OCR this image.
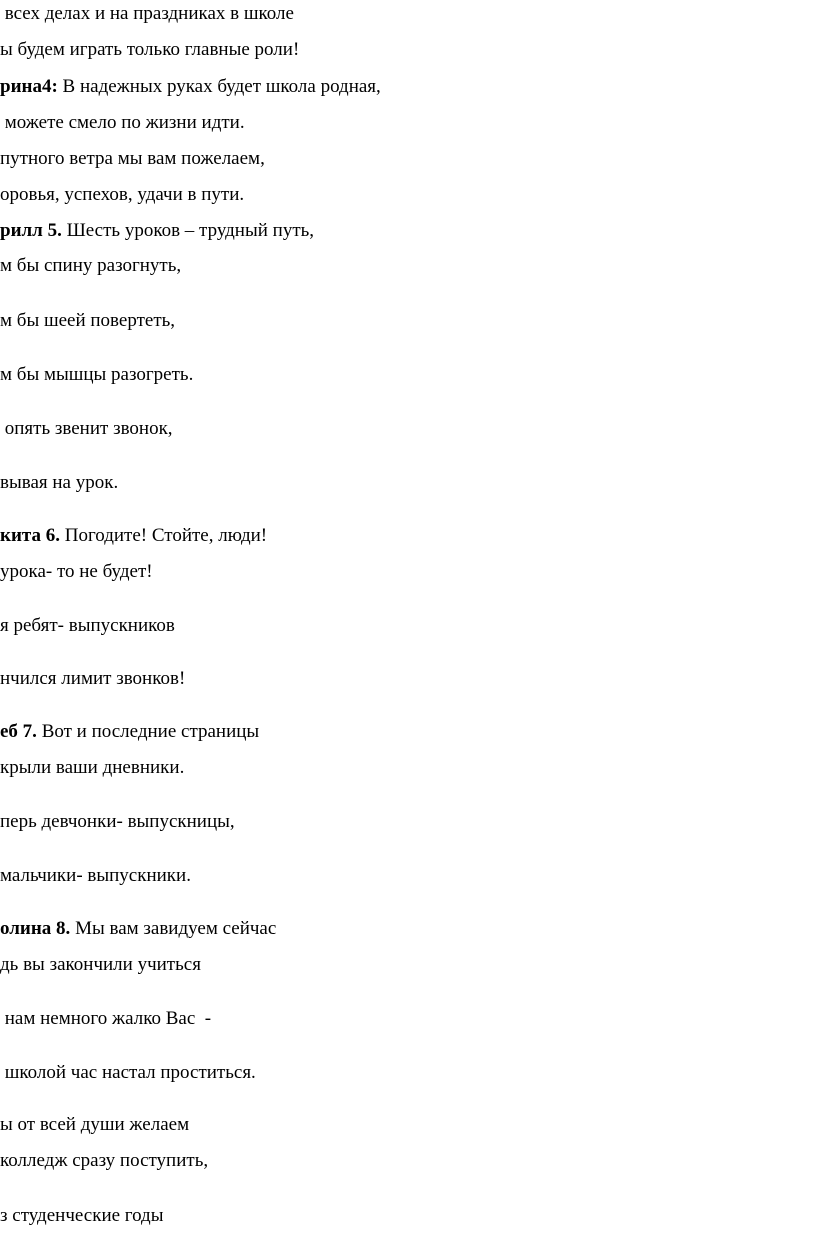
всех делах и на праздниках в школе

ы будем играть только главные роли!

рина4: В надежных руках будет школа родная,

можете смело по жизни идти.

путного ветра мы вам пожелаем,

оровья, успехов, удачи в пути.

рилл 5. Шесть уроков – трудный путь,

м бы спину разогнуть,

м бы шеей повертеть,

м бы мышцы разогреть.

опять звенит звонок,

вывая на урок.

кита 6. Погодите! Стойте, люди!

урока- то не будет!

я ребят- выпускников

нчился лимит звонков!

еб 7. Вот и последние страницы

крыли ваши дневники.

перь девчонки- выпускницы,

мальчики- выпускники.

олина 8. Мы вам завидуем сейчас

дь вы закончили учиться

нам немного жалко Вас  -

школой час настал проститься.

ы от всей души желаем

колледж сразу поступить,

з студенческие годы
